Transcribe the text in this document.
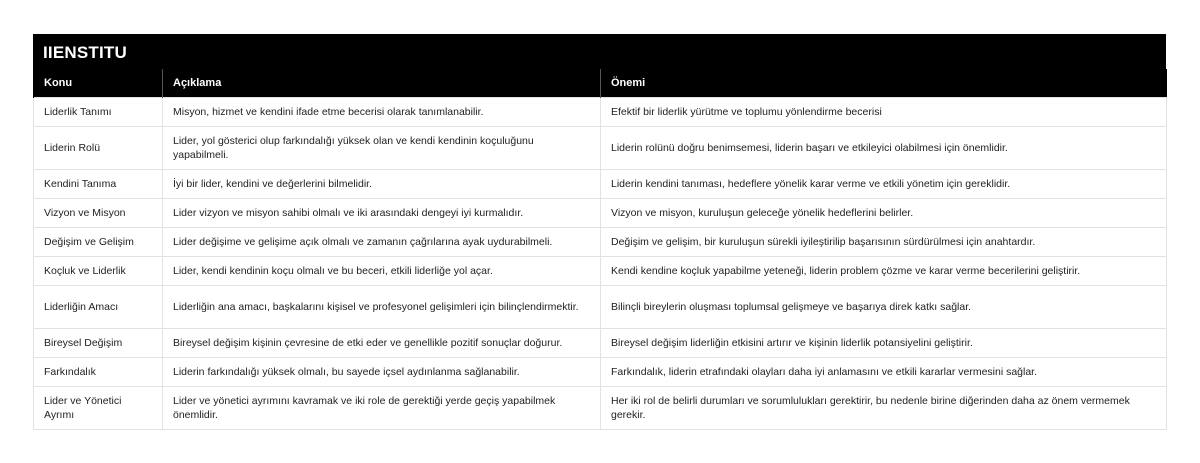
IIENSTITU
Konu	Açıklama	Önemi
Liderlik Tanımı	Misyon, hizmet ve kendini ifade etme becerisi olarak tanımlanabilir.	Efektif bir liderlik yürütme ve toplumu yönlendirme becerisi
Liderin Rolü	Lider, yol gösterici olup farkındalığı yüksek olan ve kendi kendinin koçuluğunu yapabilmeli.	Liderin rolünü doğru benimsemesi, liderin başarı ve etkileyici olabilmesi için önemlidir.
Kendini Tanıma	İyi bir lider, kendini ve değerlerini bilmelidir.	Liderin kendini tanıması, hedeflere yönelik karar verme ve etkili yönetim için gereklidir.
Vizyon ve Misyon	Lider vizyon ve misyon sahibi olmalı ve iki arasındaki dengeyi iyi kurmalıdır.	Vizyon ve misyon, kuruluşun geleceğe yönelik hedeflerini belirler.
Değişim ve Gelişim	Lider değişime ve gelişime açık olmalı ve zamanın çağrılarına ayak uydurabilmeli.	Değişim ve gelişim, bir kuruluşun sürekli iyileştirilip başarısının sürdürülmesi için anahtardır.
Koçluk ve Liderlik	Lider, kendi kendinin koçu olmalı ve bu beceri, etkili liderliğe yol açar.	Kendi kendine koçluk yapabilme yeteneği, liderin problem çözme ve karar verme becerilerini geliştirir.
Liderliğin Amacı	Liderliğin ana amacı, başkalarını kişisel ve profesyonel gelişimleri için bilinçlendirmektir.	Bilinçli bireylerin oluşması toplumsal gelişmeye ve başarıya direk katkı sağlar.
Bireysel Değişim	Bireysel değişim kişinin çevresine de etki eder ve genellikle pozitif sonuçlar doğurur.	Bireysel değişim liderliğin etkisini artırır ve kişinin liderlik potansiyelini geliştirir.
Farkındalık	Liderin farkındalığı yüksek olmalı, bu sayede içsel aydınlanma sağlanabilir.	Farkındalık, liderin etrafındaki olayları daha iyi anlamasını ve etkili kararlar vermesini sağlar.
Lider ve Yönetici Ayrımı	Lider ve yönetici ayrımını kavramak ve iki role de gerektiği yerde geçiş yapabilmek önemlidir.	Her iki rol de belirli durumları ve sorumlulukları gerektirir, bu nedenle birine diğerinden daha az önem vermemek gerekir.
